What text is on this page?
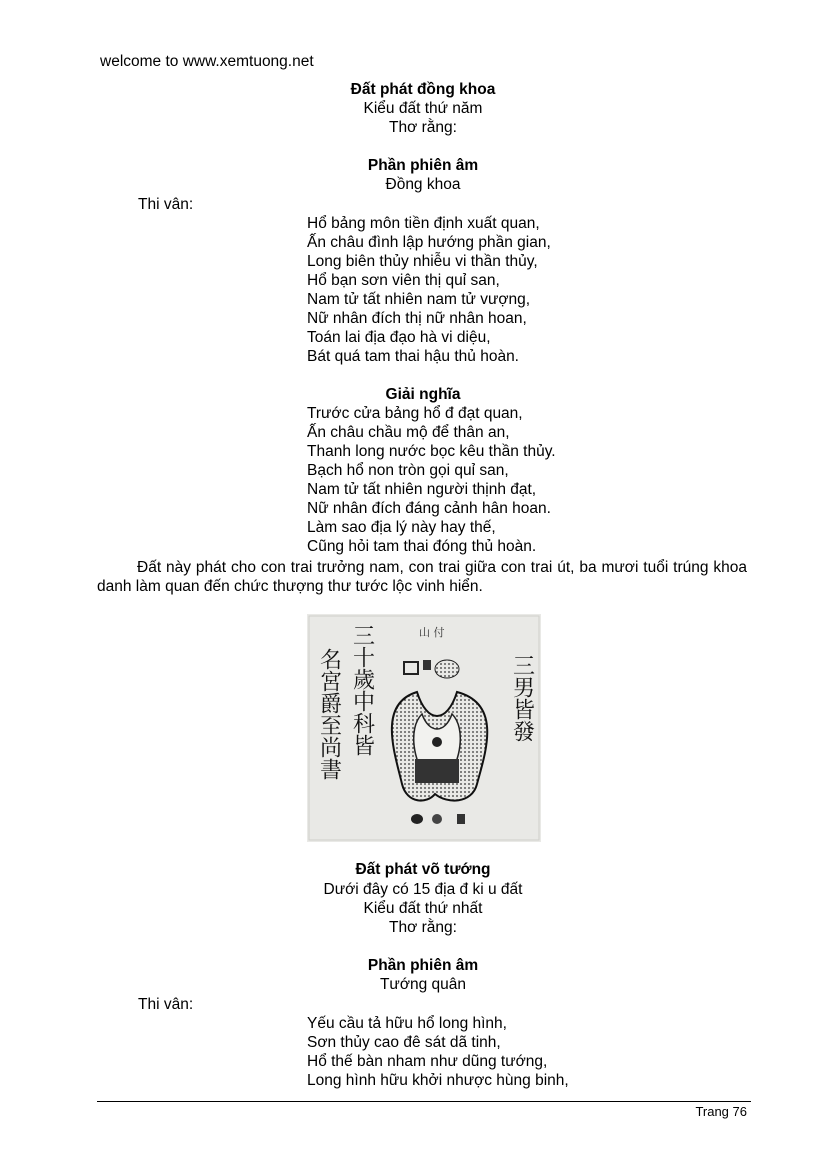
welcome to www.xemtuong.net
Đất phát đồng khoa
Kiểu đất thứ năm
Thơ rằng:
Phần phiên âm
Đồng khoa
Thi vân:
Hổ bảng môn tiền định xuất quan,
Ấn châu đình lập hướng phần gian,
Long biên thủy nhiễu vi thần thủy,
Hổ bạn sơn viên thị quỉ san,
Nam tử tất nhiên nam tử vượng,
Nữ nhân đích thị nữ nhân hoan,
Toán lai địa đạo hà vi diệu,
Bát quá tam thai hậu thủ hoàn.
Giải nghĩa
Trước cửa bảng hổ đ đạt quan,
Ấn châu chầu mộ để thân an,
Thanh long nước bọc kêu thần thủy.
Bạch hổ non tròn gọi quỉ san,
Nam tử tất nhiên người thịnh đạt,
Nữ nhân đích đáng cảnh hân hoan.
Làm sao địa lý này hay thế,
Cũng hỏi tam thai đóng thủ hoàn.
Đất này phát cho con trai trưởng nam, con trai giữa con trai út, ba mươi tuổi trúng khoa danh làm quan đến chức thượng thư tước lộc vinh hiển.
山 付
名宮爵至尚書 三十歲中科皆	三男皆發
Đất phát võ tướng
Dưới đây có 15 địa đ ki u đất
Kiểu đất thứ nhất
Thơ rằng:
Phần phiên âm
Tướng quân
Thi vân:
Yếu cầu tả hữu hổ long hình,
Sơn thủy cao đê sát dã tinh,
Hổ thế bàn nham như dũng tướng,
Long hình hữu khởi nhược hùng binh,
Trang 76
